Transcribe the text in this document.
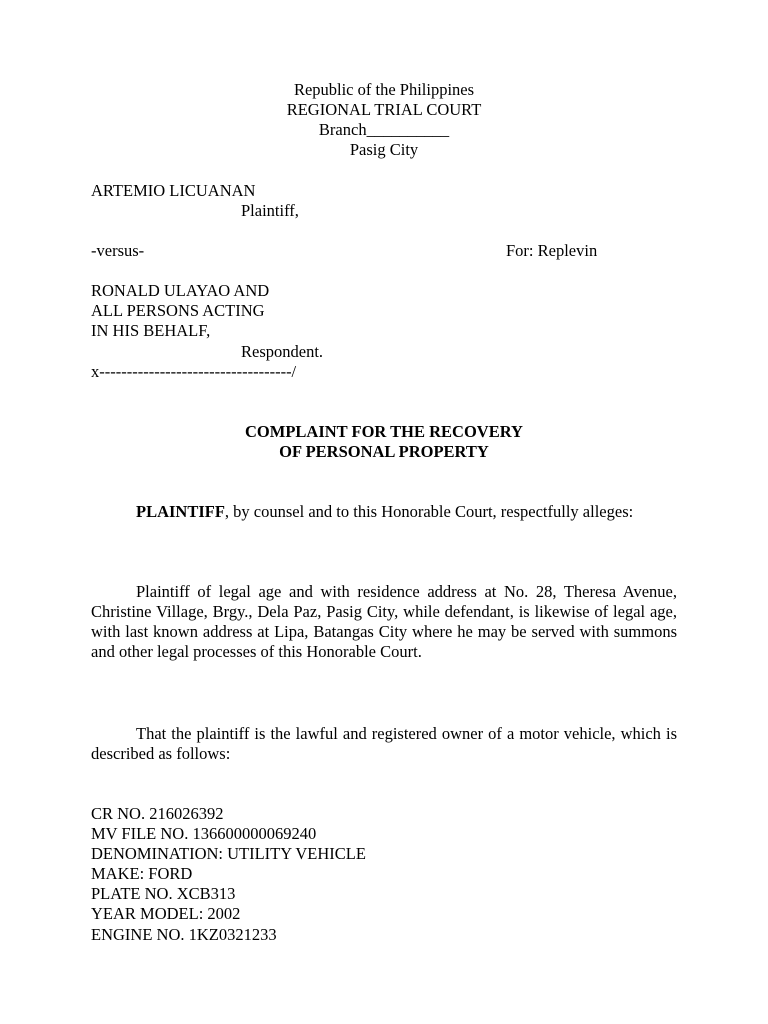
Republic of the Philippines
REGIONAL TRIAL COURT
Branch__________
Pasig City
ARTEMIO LICUANAN
Plaintiff,
-versus-	For: Replevin
RONALD ULAYAO AND
ALL PERSONS ACTING
IN HIS BEHALF,
Respondent.
x-----------------------------------/
COMPLAINT FOR THE RECOVERY
OF PERSONAL PROPERTY

PLAINTIFF, by counsel and to this Honorable Court, respectfully alleges:

Plaintiff of legal age and with residence address at No. 28, Theresa Avenue, Christine Village, Brgy., Dela Paz, Pasig City, while defendant, is likewise of legal age, with last known address at Lipa, Batangas City where he may be served with summons and other legal processes of this Honorable Court.

That the plaintiff is the lawful and registered owner of a motor vehicle, which is described as follows:

CR NO. 216026392
MV FILE NO. 136600000069240
DENOMINATION: UTILITY VEHICLE
MAKE: FORD
PLATE NO. XCB313
YEAR MODEL: 2002
ENGINE NO. 1KZ0321233
